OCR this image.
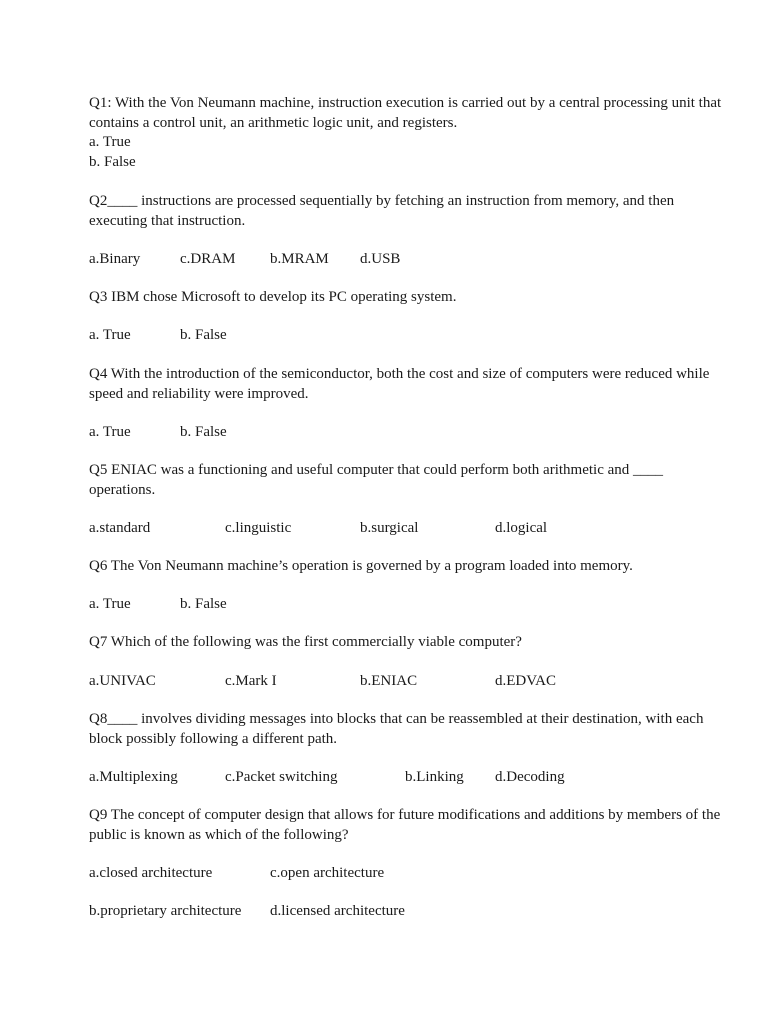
Q1: With the Von Neumann machine, instruction execution is carried out by a central processing unit that contains a control unit, an arithmetic logic unit, and registers.
a. True
b. False
Q2____ instructions are processed sequentially by fetching an instruction from memory, and then executing that instruction.
a.Binary	c.DRAM b.MRAM d.USB
Q3 IBM chose Microsoft to develop its PC operating system.
a. True	b. False
Q4 With the introduction of the semiconductor, both the cost and size of computers were reduced while speed and reliability were improved.
a. True	b. False
Q5 ENIAC was a functioning and useful computer that could perform both arithmetic and ____ operations.
a.standard	c.linguistic	b.surgical	d.logical
Q6 The Von Neumann machine’s operation is governed by a program loaded into memory.
a. True	b. False
Q7 Which of the following was the first commercially viable computer?
a.UNIVAC	c.Mark I	b.ENIAC	d.EDVAC
Q8____ involves dividing messages into blocks that can be reassembled at their destination, with each block possibly following a different path.
a.Multiplexing	c.Packet switching	b.Linking d.Decoding
Q9 The concept of computer design that allows for future modifications and additions by members of the public is known as which of the following?
a.closed architecture	c.open architecture
b.proprietary architecture d.licensed architecture
